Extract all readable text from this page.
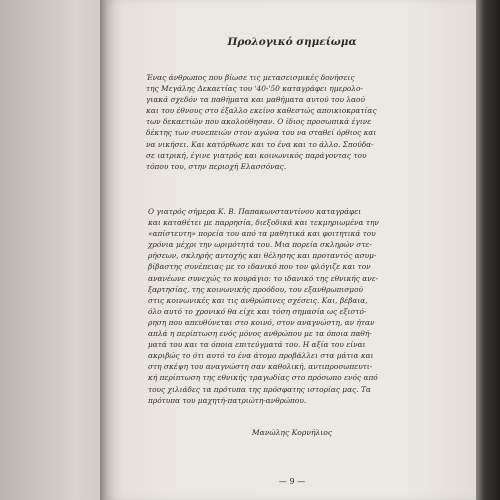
Προλογικό σημείωμα
Ένας άνθρωπος που βίωσε τις μετασεισμικές δονήσεις
της Μεγάλης Δεκαετίας του '40-'50 καταγράφει ημερολο-
γιακά σχεδόν τα παθήματα και μαθήματα αυτού του λαού
και του έθνους στο έξαλλο εκείνο καθεστώς αποικιοκρατίας
των δεκαετιών που ακολούθησαν. Ο ίδιος προσωπικά έγινε
δέκτης των συνεπειών στον αγώνα του να σταθεί όρθιος και
να νικήσει. Και κατόρθωσε και το ένα και το άλλο. Σπούδα-
σε ιατρική, έγινε γιατρός και κοινωνικός παράγοντας του
τόπου του, στην περιοχή Ελασσόνας.
Ο γιατρός σήμερα Κ. Β. Παπακωνσταντίνου καταγράφει
και καταθέτει με παρρησία, διεξοδικά και τεκμηριωμένα την
«απίστευτη» πορεία του από τα μαθητικά και φοιτητικά του
χρόνια μέχρι την ωριμότητά του. Μια πορεία σκληρών στε-
ρήσεων, σκληρής αντοχής και θέλησης και προταντός ασυμ-
βίβαστης συνέπειας με το ιδανικό που τον φλόγιζε και τον
ανανέωνε συνεχώς το κουράγιο: το ιδανικό της εθνικής ανε-
ξαρτησίας, της κοινωνικής προόδου, του εξανθρωπισμού
στις κοινωνικές και τις ανθρώπινες σχέσεις. Και, βέβαια,
όλο αυτό το χρονικό θα είχε και τόση σημασία ως εξιστό-
ρηση που απευθύνεται στο κοινό, στον αναγνώστη, αν ήταν
απλά η περίπτωση ενός μόνος ανθρώπου με τα όποια παθή-
ματά του και τα όποια επιτεύγματά του. Η αξία του είναι
ακριβώς το ότι αυτό το ένα άτομο προβάλλει στα μάτια και
στη σκέψη του αναγνώστη σαν καθολική, αντιπροσωπευτι-
κή περίπτωση της εθνικής τραγωδίας στο πρόσωπο ενός από
τους χιλιάδες τα πρότυπα της πρόσφατης ιστορίας μας. Τα
πρότυπα του μαχητή-πατριώτη-ανθρώπου.

Μανώλης Κορνήλιος

— 9 —
